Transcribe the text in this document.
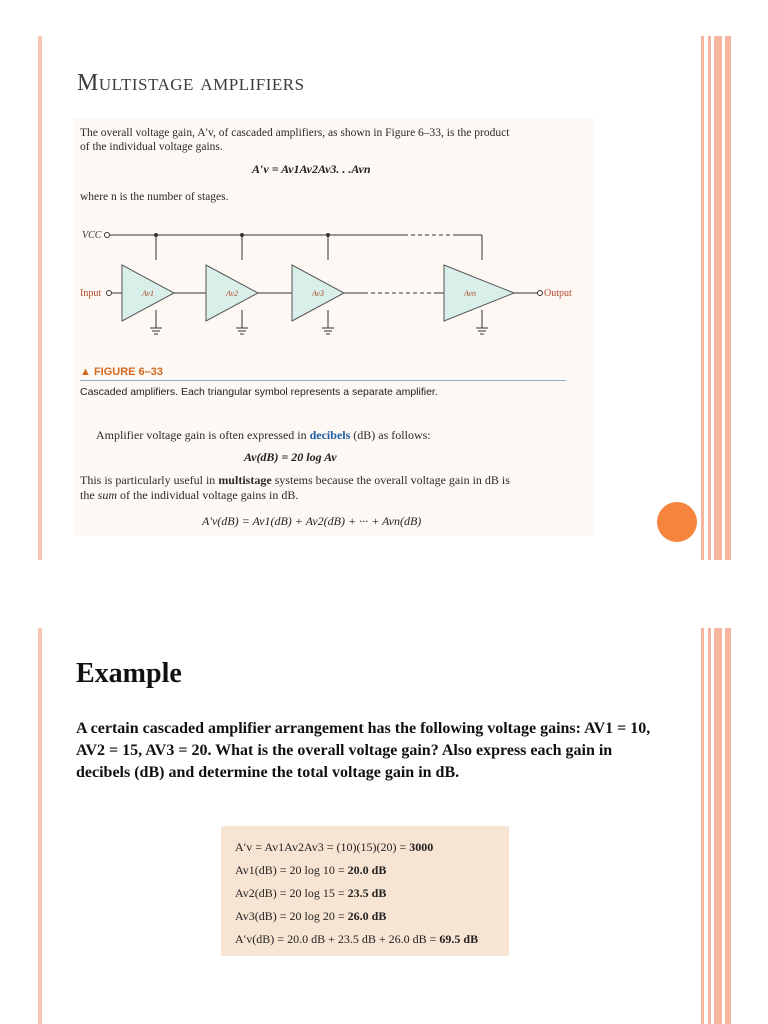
Multistage amplifiers
The overall voltage gain, A′v, of cascaded amplifiers, as shown in Figure 6–33, is the product
of the individual voltage gains.
A′v = Av1Av2Av3. . .Avn
where n is the number of stages.
VCC
Input	Output
Av1	Av2	Av3	Avn
▲ FIGURE 6–33
Cascaded amplifiers. Each triangular symbol represents a separate amplifier.
Amplifier voltage gain is often expressed in decibels (dB) as follows:
Av(dB) = 20 log Av
This is particularly useful in multistage systems because the overall voltage gain in dB is
the sum of the individual voltage gains in dB.
A′v(dB) = Av1(dB) + Av2(dB) + ··· + Avn(dB)
Example
A certain cascaded amplifier arrangement has the following voltage gains: AV1 = 10, AV2 = 15, AV3 = 20. What is the overall voltage gain? Also express each gain in decibels (dB) and determine the total voltage gain in dB.
A′v = Av1Av2Av3 = (10)(15)(20) = 3000
Av1(dB) = 20 log 10 = 20.0 dB
Av2(dB) = 20 log 15 = 23.5 dB
Av3(dB) = 20 log 20 = 26.0 dB
A′v(dB) = 20.0 dB + 23.5 dB + 26.0 dB = 69.5 dB
